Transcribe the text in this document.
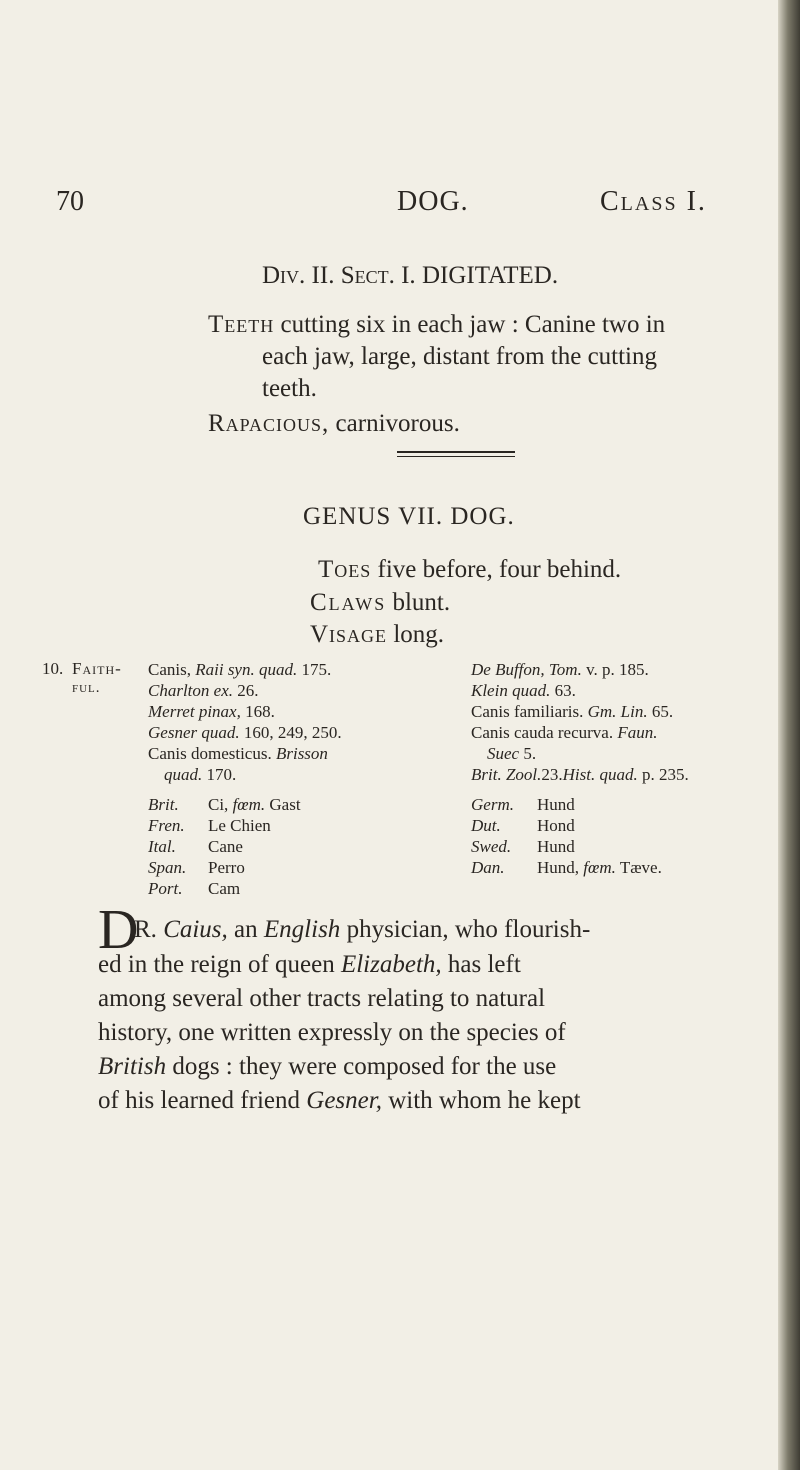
70	DOG.	Class I.
Div. II. Sect. I. DIGITATED.
Teeth cutting six in each jaw : Canine two in
each jaw, large, distant from the cutting
teeth.
Rapacious, carnivorous.
GENUS VII. DOG.
Toes five before, four behind.
Claws blunt.
Visage long.
10. Faith-
ful.
Canis, Raii syn. quad. 175.
Charlton ex. 26.
Merret pinax, 168.
Gesner quad. 160, 249, 250.
Canis domesticus. Brisson
quad. 170.
De Buffon, Tom. v. p. 185.
Klein quad. 63.
Canis familiaris. Gm. Lin. 65.
Canis cauda recurva. Faun.
Suec 5.
Brit. Zool.23.Hist. quad. p. 235.
Brit. Ci, fœm. Gast
Fren. Le Chien
Ital. Cane
Span. Perro
Port. Cam
Germ. Hund
Dut. Hond
Swed. Hund
Dan. Hund, fœm. Tæve.
D
R. Caius, an English physician, who flourish-
ed in the reign of queen Elizabeth, has left
among several other tracts relating to natural
history, one written expressly on the species of
British dogs : they were composed for the use
of his learned friend Gesner, with whom he kept
